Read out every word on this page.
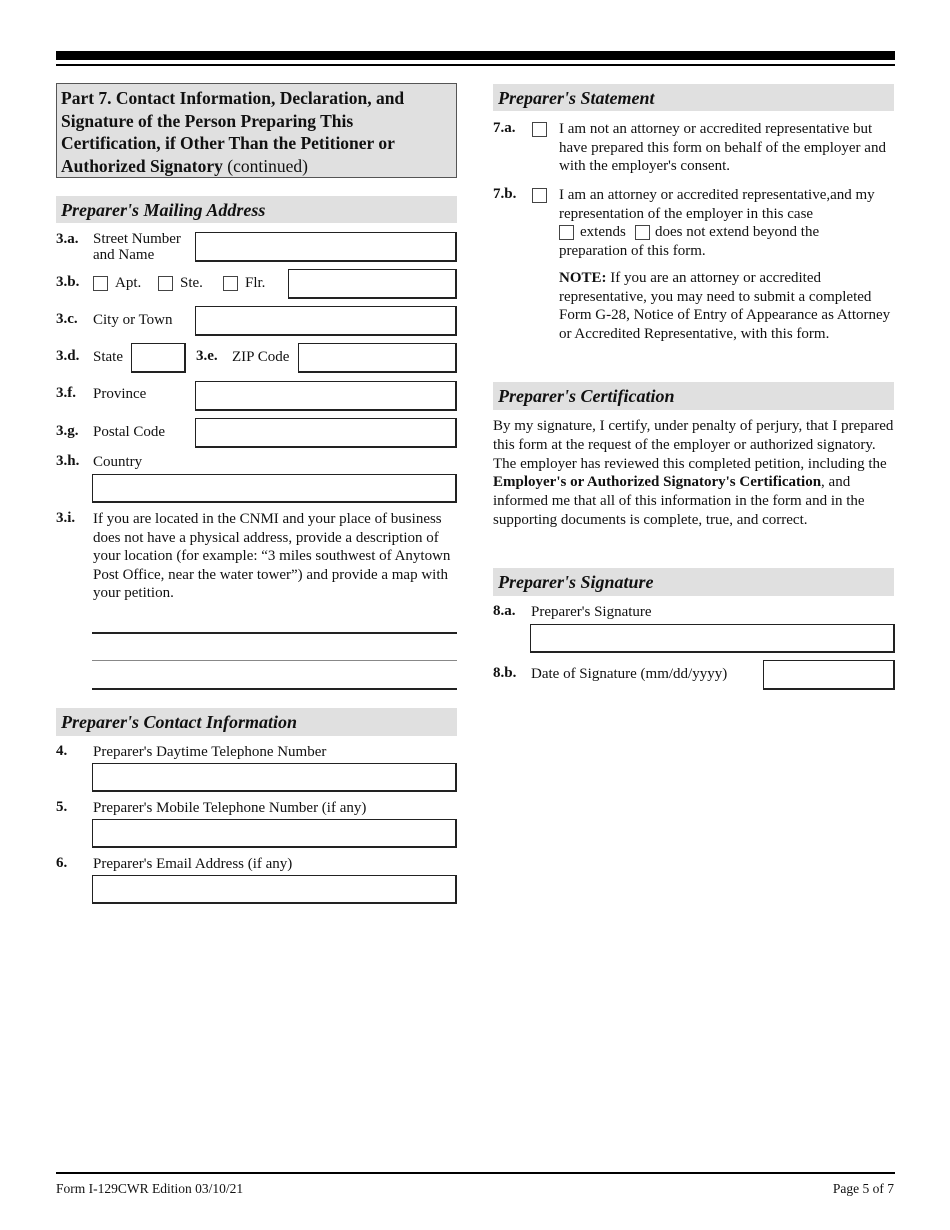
Part 7. Contact Information, Declaration, and Signature of the Person Preparing This Certification, if Other Than the Petitioner or Authorized Signatory (continued)
Preparer's Mailing Address
3.a. Street Number
and Name
3.b. Apt.	Ste.	Flr.
3.c. City or Town
3.d. State	3.e. ZIP Code
3.f. Province
3.g. Postal Code
3.h. Country
3.i. If you are located in the CNMI and your place of business does not have a physical address, provide a description of your location (for example: “3 miles southwest of Anytown Post Office, near the water tower”) and provide a map with your petition.
Preparer's Contact Information
4. Preparer's Daytime Telephone Number
5. Preparer's Mobile Telephone Number (if any)
6. Preparer's Email Address (if any)
Preparer's Statement
7.a.	I am not an attorney or accredited representative but have prepared this form on behalf of the employer and with the employer's consent.
7.b.	I am an attorney or accredited representative,and my representation of the employer in this case
extends does not extend beyond the
preparation of this form.
NOTE: If you are an attorney or accredited representative, you may need to submit a completed Form G-28, Notice of Entry of Appearance as Attorney or Accredited Representative, with this form.
Preparer's Certification
By my signature, I certify, under penalty of perjury, that I prepared this form at the request of the employer or authorized signatory. The employer has reviewed this completed petition, including the Employer's or Authorized Signatory's Certification, and informed me that all of this information in the form and in the supporting documents is complete, true, and correct.
Preparer's Signature
8.a. Preparer's Signature
8.b. Date of Signature (mm/dd/yyyy)
Form I-129CWR Edition 03/10/21	Page 5 of 7
